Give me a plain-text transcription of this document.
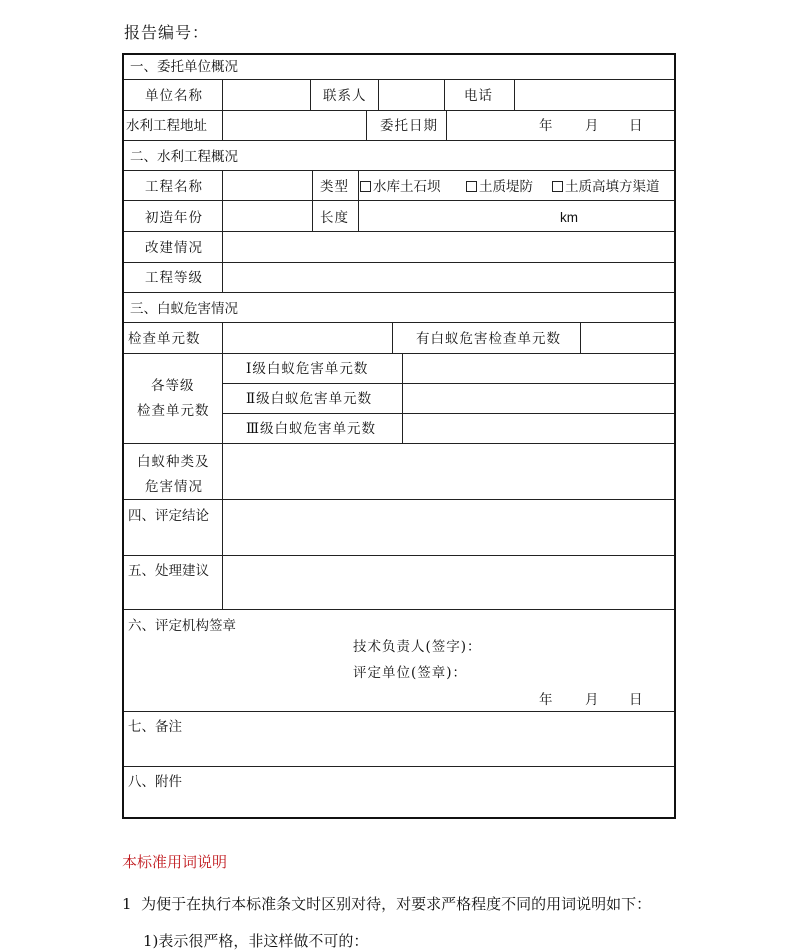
报告编号：
一、委托单位概况
单位名称	联系人	电话
水利工程地址	委托日期	年 月 日
二、水利工程概况
工程名称	类型	水库土石坝	土质堤防	土质高填方渠道
初造年份	长度	km
改建情况
工程等级
三、白蚁危害情况
检查单元数	有白蚁危害检查单元数
各等级
检查单元数
Ⅰ级白蚁危害单元数
Ⅱ级白蚁危害单元数
Ⅲ级白蚁危害单元数
白蚁种类及
危害情况
四、评定结论
五、处理建议
六、评定机构签章
技术负责人(签字)：
评定单位(签章)：
年 月 日
七、备注
八、附件
本标准用词说明
1  为便于在执行本标准条文时区别对待，对要求严格程度不同的用词说明如下：
1)表示很严格，非这样做不可的：
